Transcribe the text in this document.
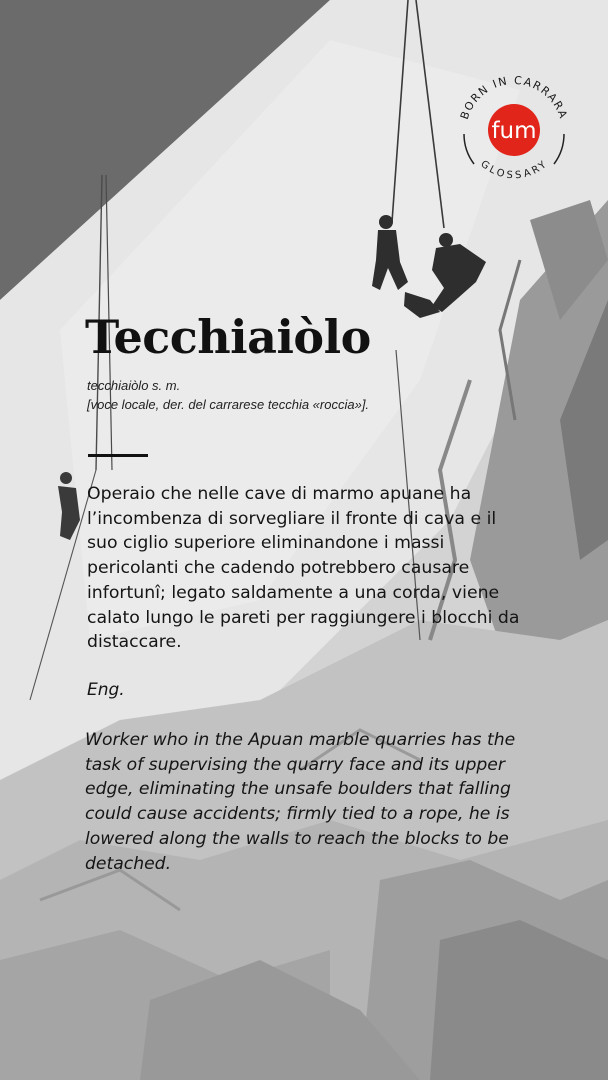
BORN IN CARRARA
GLOSSARY
fum
Tecchiaiòlo
tecchiaiòlo s. m.
[voce locale, der. del carrarese tecchia «roccia»].

Operaio che nelle cave di marmo apuane ha l’incombenza di sorvegliare il fronte di cava e il suo ciglio superiore eliminandone i massi pericolanti che cadendo potrebbero causare infortunî; legato saldamente a una corda, viene calato lungo le pareti per raggiungere i blocchi da distaccare.

Eng.

Worker who in the Apuan marble quarries has the task of supervising the quarry face and its upper edge, eliminating the unsafe boulders that falling could cause accidents; firmly tied to a rope, he is lowered along the walls to reach the blocks to be detached.
